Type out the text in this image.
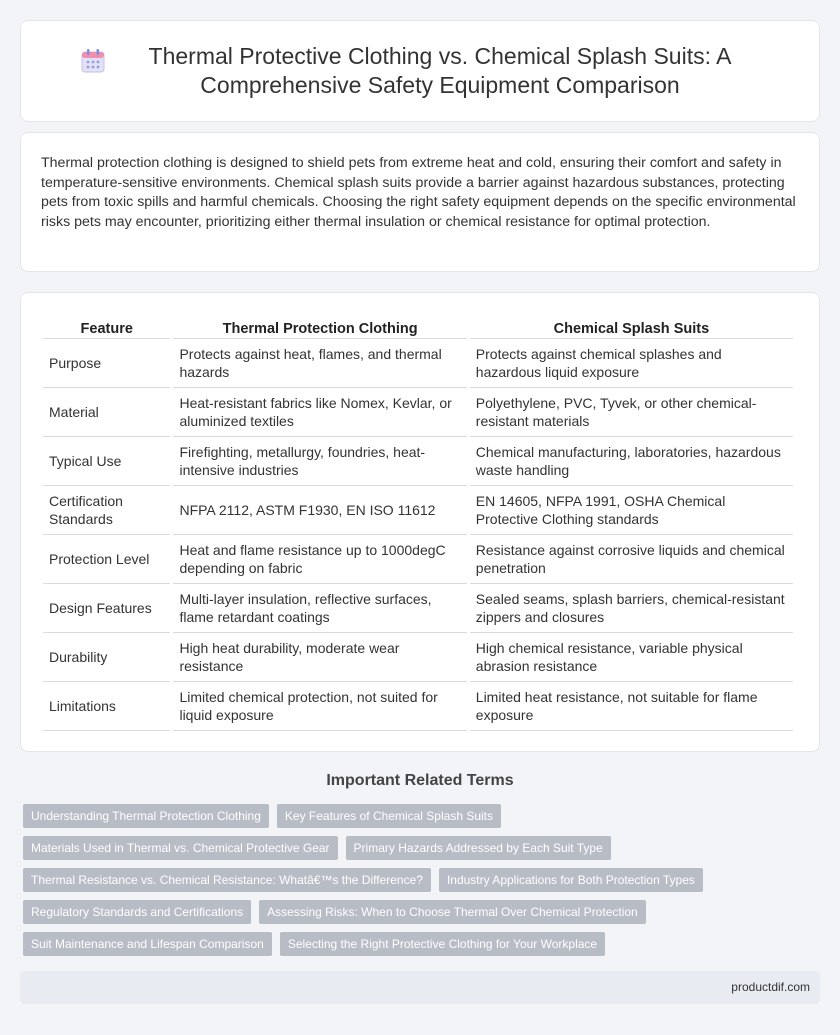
Thermal Protective Clothing vs. Chemical Splash Suits: A Comprehensive Safety Equipment Comparison

Thermal protection clothing is designed to shield pets from extreme heat and cold, ensuring their comfort and safety in temperature-sensitive environments. Chemical splash suits provide a barrier against hazardous substances, protecting pets from toxic spills and harmful chemicals. Choosing the right safety equipment depends on the specific environmental risks pets may encounter, prioritizing either thermal insulation or chemical resistance for optimal protection.

Feature	Thermal Protection Clothing	Chemical Splash Suits
Purpose	Protects against heat, flames, and thermal hazards	Protects against chemical splashes and hazardous liquid exposure
Material	Heat-resistant fabrics like Nomex, Kevlar, or aluminized textiles	Polyethylene, PVC, Tyvek, or other chemical-resistant materials
Typical Use	Firefighting, metallurgy, foundries, heat-intensive industries	Chemical manufacturing, laboratories, hazardous waste handling
Certification Standards	NFPA 2112, ASTM F1930, EN ISO 11612	EN 14605, NFPA 1991, OSHA Chemical Protective Clothing standards
Protection Level	Heat and flame resistance up to 1000degC depending on fabric	Resistance against corrosive liquids and chemical penetration
Design Features	Multi-layer insulation, reflective surfaces, flame retardant coatings	Sealed seams, splash barriers, chemical-resistant zippers and closures
Durability	High heat durability, moderate wear resistance	High chemical resistance, variable physical abrasion resistance
Limitations	Limited chemical protection, not suited for liquid exposure	Limited heat resistance, not suitable for flame exposure
Important Related Terms
Understanding Thermal Protection Clothing	Key Features of Chemical Splash Suits
Materials Used in Thermal vs. Chemical Protective Gear	Primary Hazards Addressed by Each Suit Type
Thermal Resistance vs. Chemical Resistance: Whatâ€™s the Difference?	Industry Applications for Both Protection Types
Regulatory Standards and Certifications	Assessing Risks: When to Choose Thermal Over Chemical Protection
Suit Maintenance and Lifespan Comparison	Selecting the Right Protective Clothing for Your Workplace
productdif.com
